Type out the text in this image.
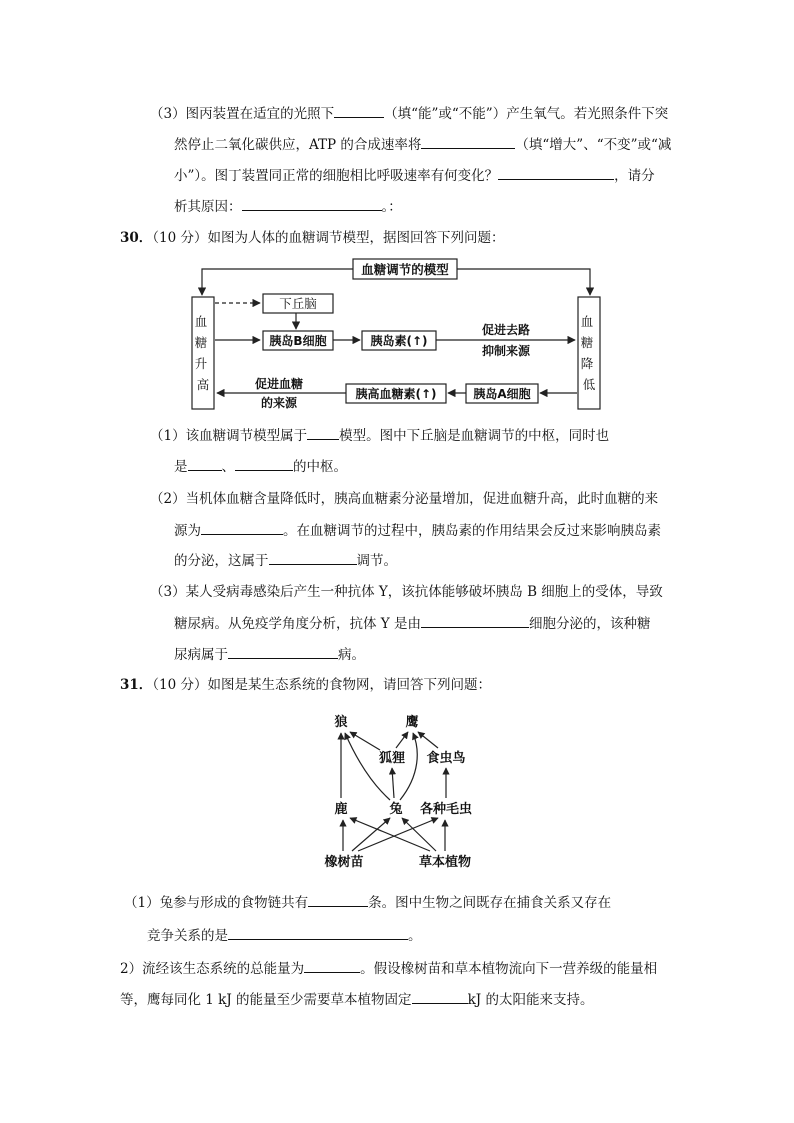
（3）图丙装置在适宜的光照下	（填“能”或“不能”）产生氧气。若光照条件下突
然停止二氧化碳供应，ATP 的合成速率将	（填“增大”、“不变”或“减
小”）。图丁装置同正常的细胞相比呼吸速率有何变化？	，请分
析其原因：	。：
30．（10 分）如图为人体的血糖调节模型，据图回答下列问题：
血糖调节的模型
血 糖 升 高
血 糖 降 低
下丘脑
胰岛B细胞	胰岛素(↑)
促进去路
抑制来源
胰岛A细胞
胰高血糖素(↑)
促进血糖
的来源
（1）该血糖调节模型属于 模型。图中下丘脑是血糖调节的中枢，同时也
是	、	的中枢。
（2）当机体血糖含量降低时，胰高血糖素分泌量增加，促进血糖升高，此时血糖的来
源为	。在血糖调节的过程中，胰岛素的作用结果会反过来影响胰岛素
的分泌，这属于	调节。
（3）某人受病毒感染后产生一种抗体 Y，该抗体能够破坏胰岛 B 细胞上的受体，导致
糖尿病。从免疫学角度分析，抗体 Y 是由	细胞分泌的，该种糖
尿病属于	病。
31．（10 分）如图是某生态系统的食物网，请回答下列问题：
狼	鹰
狐狸 食虫鸟
鹿	兔 各种毛虫
橡树苗	草本植物
（1）兔参与形成的食物链共有	条。图中生物之间既存在捕食关系又存在
竞争关系的是	。
2）流经该生态系统的总能量为	。假设橡树苗和草本植物流向下一营养级的能量相
等，鹰每同化 1 kJ 的能量至少需要草本植物固定	kJ 的太阳能来支持。
